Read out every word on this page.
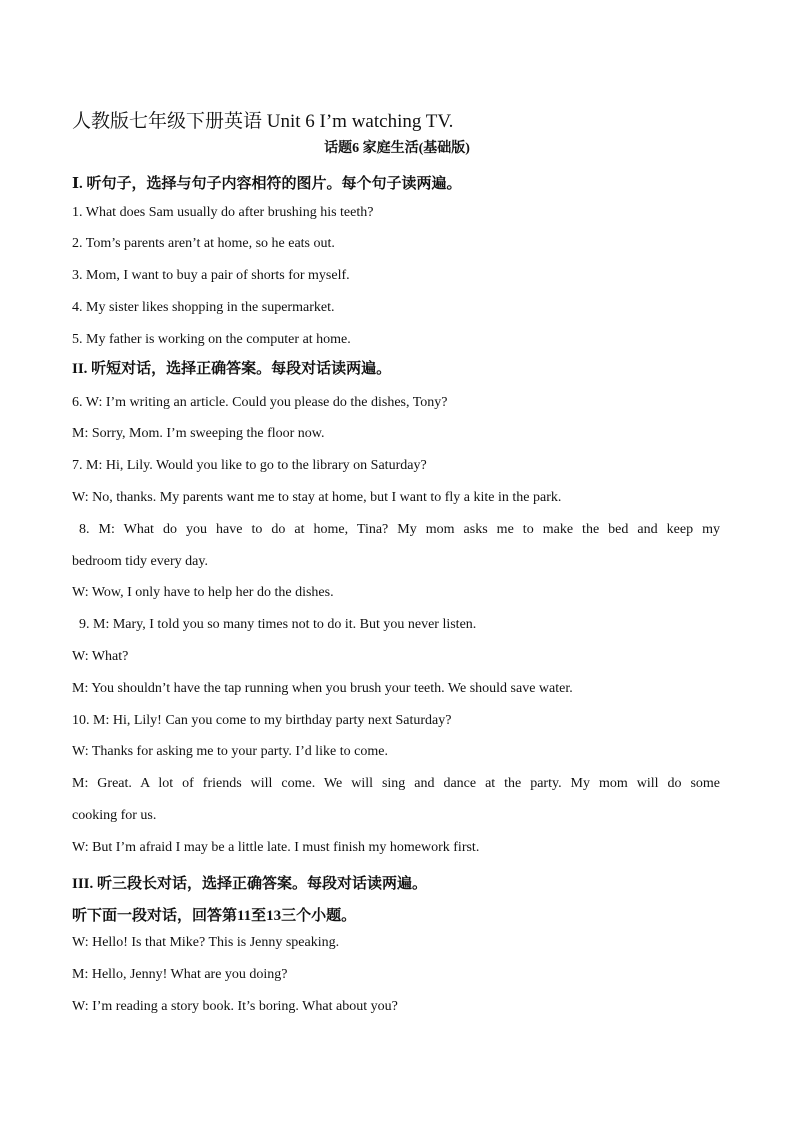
人教版七年级下册英语 Unit 6 I’m watching TV.
话题6 家庭生活(基础版)
Ⅰ. 听句子，选择与句子内容相符的图片。每个句子读两遍。
1. What does Sam usually do after brushing his teeth?
2. Tom’s parents aren’t at home, so he eats out.
3. Mom, I want to buy a pair of shorts for myself.
4. My sister likes shopping in the supermarket.
5. My father is working on the computer at home.
II. 听短对话，选择正确答案。每段对话读两遍。
6. W: I’m writing an article. Could you please do the dishes, Tony?
M: Sorry, Mom. I’m sweeping the floor now.
7. M: Hi, Lily. Would you like to go to the library on Saturday?
W: No, thanks. My parents want me to stay at home, but I want to fly a kite in the park.
8. M: What do you have to do at home, Tina? My mom asks me to make the bed and keep my
bedroom tidy every day.
W: Wow, I only have to help her do the dishes.
9. M: Mary, I told you so many times not to do it. But you never listen.
W: What?
M: You shouldn’t have the tap running when you brush your teeth. We should save water.
10. M: Hi, Lily! Can you come to my birthday party next Saturday?
W: Thanks for asking me to your party. I’d like to come.
M: Great. A lot of friends will come. We will sing and dance at the party. My mom will do some
cooking for us.
W: But I’m afraid I may be a little late. I must finish my homework first.
III. 听三段长对话，选择正确答案。每段对话读两遍。
听下面一段对话，回答第11至13三个小题。
W: Hello! Is that Mike? This is Jenny speaking.
M: Hello, Jenny! What are you doing?
W: I’m reading a story book. It’s boring. What about you?
